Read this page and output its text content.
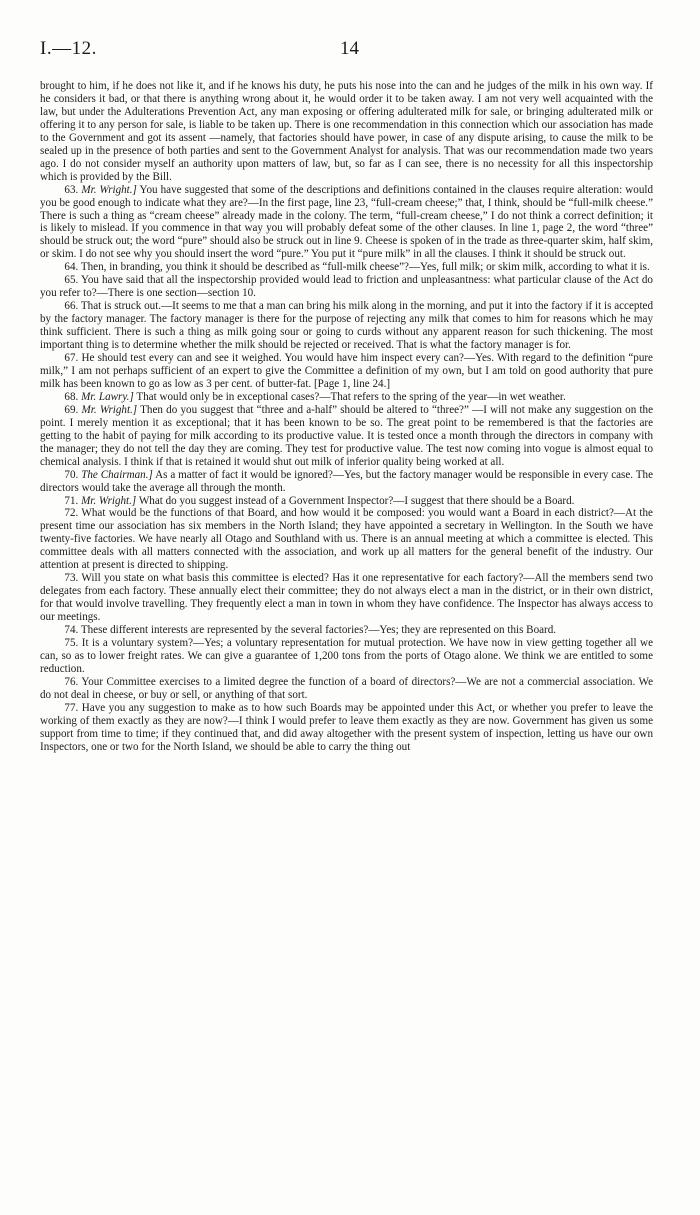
I.—12.	14

brought to him, if he does not like it, and if he knows his duty, he puts his nose into the can and he judges of the milk in his own way. If he considers it bad, or that there is anything wrong about it, he would order it to be taken away. I am not very well acquainted with the law, but under the Adulterations Prevention Act, any man exposing or offering adulterated milk for sale, or bringing adulterated milk or offering it to any person for sale, is liable to be taken up. There is one recommendation in this connection which our association has made to the Government and got its assent —namely, that factories should have power, in case of any dispute arising, to cause the milk to be sealed up in the presence of both parties and sent to the Government Analyst for analysis. That was our recommendation made two years ago. I do not consider myself an authority upon matters of law, but, so far as I can see, there is no necessity for all this inspectorship which is provided by the Bill.

63. Mr. Wright.] You have suggested that some of the descriptions and definitions contained in the clauses require alteration: would you be good enough to indicate what they are?—In the first page, line 23, “full-cream cheese;” that, I think, should be “full-milk cheese.” There is such a thing as “cream cheese” already made in the colony. The term, “full-cream cheese,” I do not think a correct definition; it is likely to mislead. If you commence in that way you will probably defeat some of the other clauses. In line 1, page 2, the word “three” should be struck out; the word “pure” should also be struck out in line 9. Cheese is spoken of in the trade as three-quarter skim, half skim, or skim. I do not see why you should insert the word “pure.” You put it “pure milk” in all the clauses. I think it should be struck out.

64. Then, in branding, you think it should be described as “full-milk cheese”?—Yes, full milk; or skim milk, according to what it is.

65. You have said that all the inspectorship provided would lead to friction and unpleasantness: what particular clause of the Act do you refer to?—There is one section—section 10.

66. That is struck out.—It seems to me that a man can bring his milk along in the morning, and put it into the factory if it is accepted by the factory manager. The factory manager is there for the purpose of rejecting any milk that comes to him for reasons which he may think sufficient. There is such a thing as milk going sour or going to curds without any apparent reason for such thickening. The most important thing is to determine whether the milk should be rejected or received. That is what the factory manager is for.

67. He should test every can and see it weighed. You would have him inspect every can?—Yes. With regard to the definition “pure milk,” I am not perhaps sufficient of an expert to give the Committee a definition of my own, but I am told on good authority that pure milk has been known to go as low as 3 per cent. of butter-fat. [Page 1, line 24.]

68. Mr. Lawry.] That would only be in exceptional cases?—That refers to the spring of the year—in wet weather.

69. Mr. Wright.] Then do you suggest that “three and a-half” should be altered to “three?” —I will not make any suggestion on the point. I merely mention it as exceptional; that it has been known to be so. The great point to be remembered is that the factories are getting to the habit of paying for milk according to its productive value. It is tested once a month through the directors in company with the manager; they do not tell the day they are coming. They test for productive value. The test now coming into vogue is almost equal to chemical analysis. I think if that is retained it would shut out milk of inferior quality being worked at all.

70. The Chairman.] As a matter of fact it would be ignored?—Yes, but the factory manager would be responsible in every case. The directors would take the average all through the month.

71. Mr. Wright.] What do you suggest instead of a Government Inspector?—I suggest that there should be a Board.

72. What would be the functions of that Board, and how would it be composed: you would want a Board in each district?—At the present time our association has six members in the North Island; they have appointed a secretary in Wellington. In the South we have twenty-five factories. We have nearly all Otago and Southland with us. There is an annual meeting at which a committee is elected. This committee deals with all matters connected with the association, and work up all matters for the general benefit of the industry. Our attention at present is directed to shipping.

73. Will you state on what basis this committee is elected? Has it one representative for each factory?—All the members send two delegates from each factory. These annually elect their committee; they do not always elect a man in the district, or in their own district, for that would involve travelling. They frequently elect a man in town in whom they have confidence. The Inspector has always access to our meetings.

74. These different interests are represented by the several factories?—Yes; they are represented on this Board.

75. It is a voluntary system?—Yes; a voluntary representation for mutual protection. We have now in view getting together all we can, so as to lower freight rates. We can give a guarantee of 1,200 tons from the ports of Otago alone. We think we are entitled to some reduction.

76. Your Committee exercises to a limited degree the function of a board of directors?—We are not a commercial association. We do not deal in cheese, or buy or sell, or anything of that sort.

77. Have you any suggestion to make as to how such Boards may be appointed under this Act, or whether you prefer to leave the working of them exactly as they are now?—I think I would prefer to leave them exactly as they are now. Government has given us some support from time to time; if they continued that, and did away altogether with the present system of inspection, letting us have our own Inspectors, one or two for the North Island, we should be able to carry the thing out
